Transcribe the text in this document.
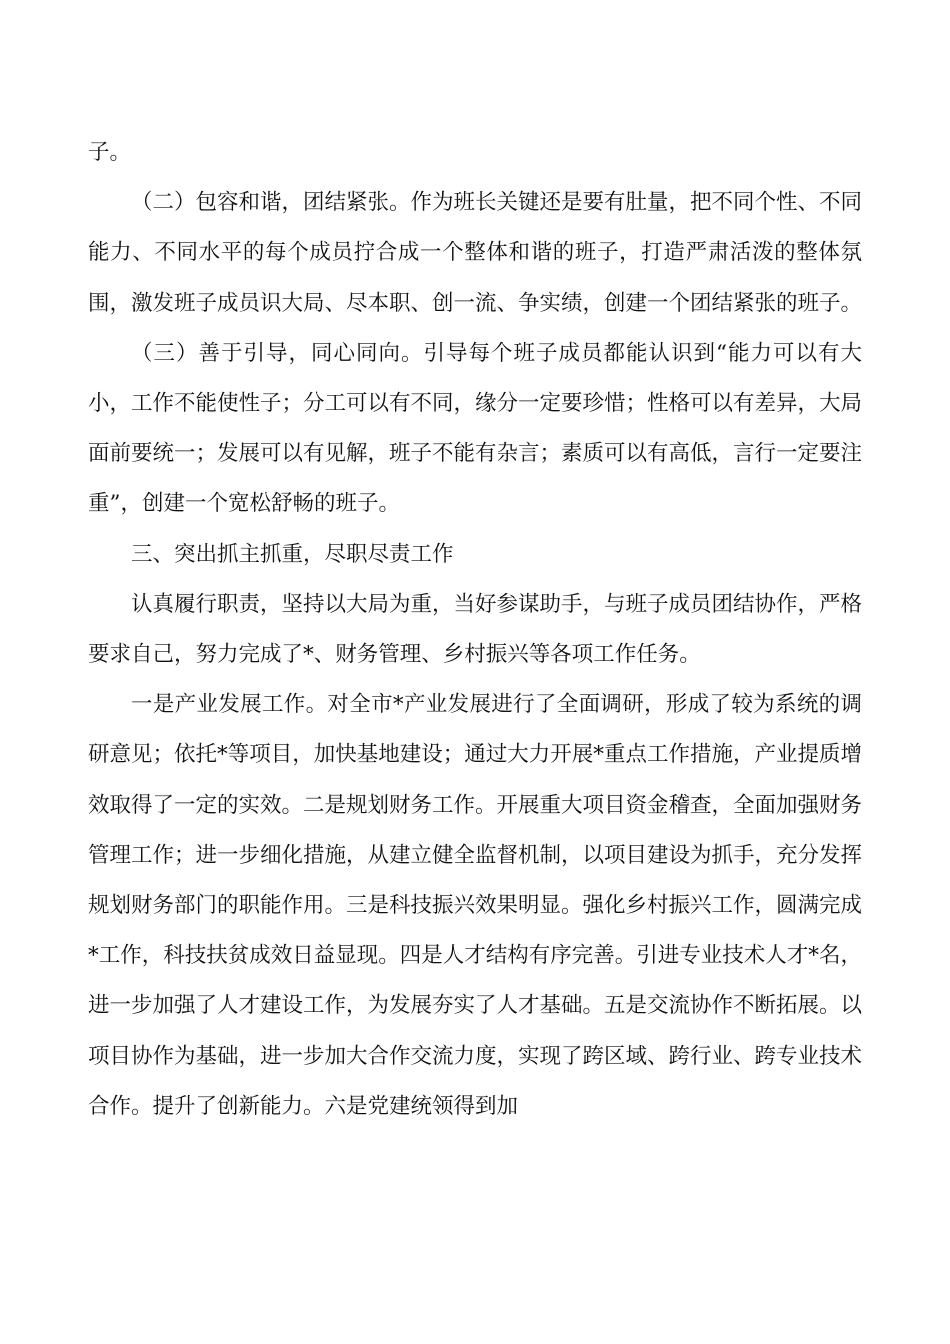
子。

（二）包容和谐，团结紧张。作为班长关键还是要有肚量，把不同个性、不同能力、不同水平的每个成员拧合成一个整体和谐的班子，打造严肃活泼的整体氛围，激发班子成员识大局、尽本职、创一流、争实绩，创建一个团结紧张的班子。

（三）善于引导，同心同向。引导每个班子成员都能认识到“能力可以有大小，工作不能使性子；分工可以有不同，缘分一定要珍惜；性格可以有差异，大局面前要统一；发展可以有见解，班子不能有杂言；素质可以有高低，言行一定要注重”，创建一个宽松舒畅的班子。

三、突出抓主抓重，尽职尽责工作

认真履行职责，坚持以大局为重，当好参谋助手，与班子成员团结协作，严格要求自己，努力完成了*、财务管理、乡村振兴等各项工作任务。

一是产业发展工作。对全市*产业发展进行了全面调研，形成了较为系统的调研意见；依托*等项目，加快基地建设；通过大力开展*重点工作措施，产业提质增效取得了一定的实效。二是规划财务工作。开展重大项目资金稽查，全面加强财务管理工作；进一步细化措施，从建立健全监督机制，以项目建设为抓手，充分发挥规划财务部门的职能作用。三是科技振兴效果明显。强化乡村振兴工作，圆满完成*工作，科技扶贫成效日益显现。四是人才结构有序完善。引进专业技术人才*名，进一步加强了人才建设工作，为发展夯实了人才基础。五是交流协作不断拓展。以项目协作为基础，进一步加大合作交流力度，实现了跨区域、跨行业、跨专业技术合作。提升了创新能力。六是党建统领得到加
